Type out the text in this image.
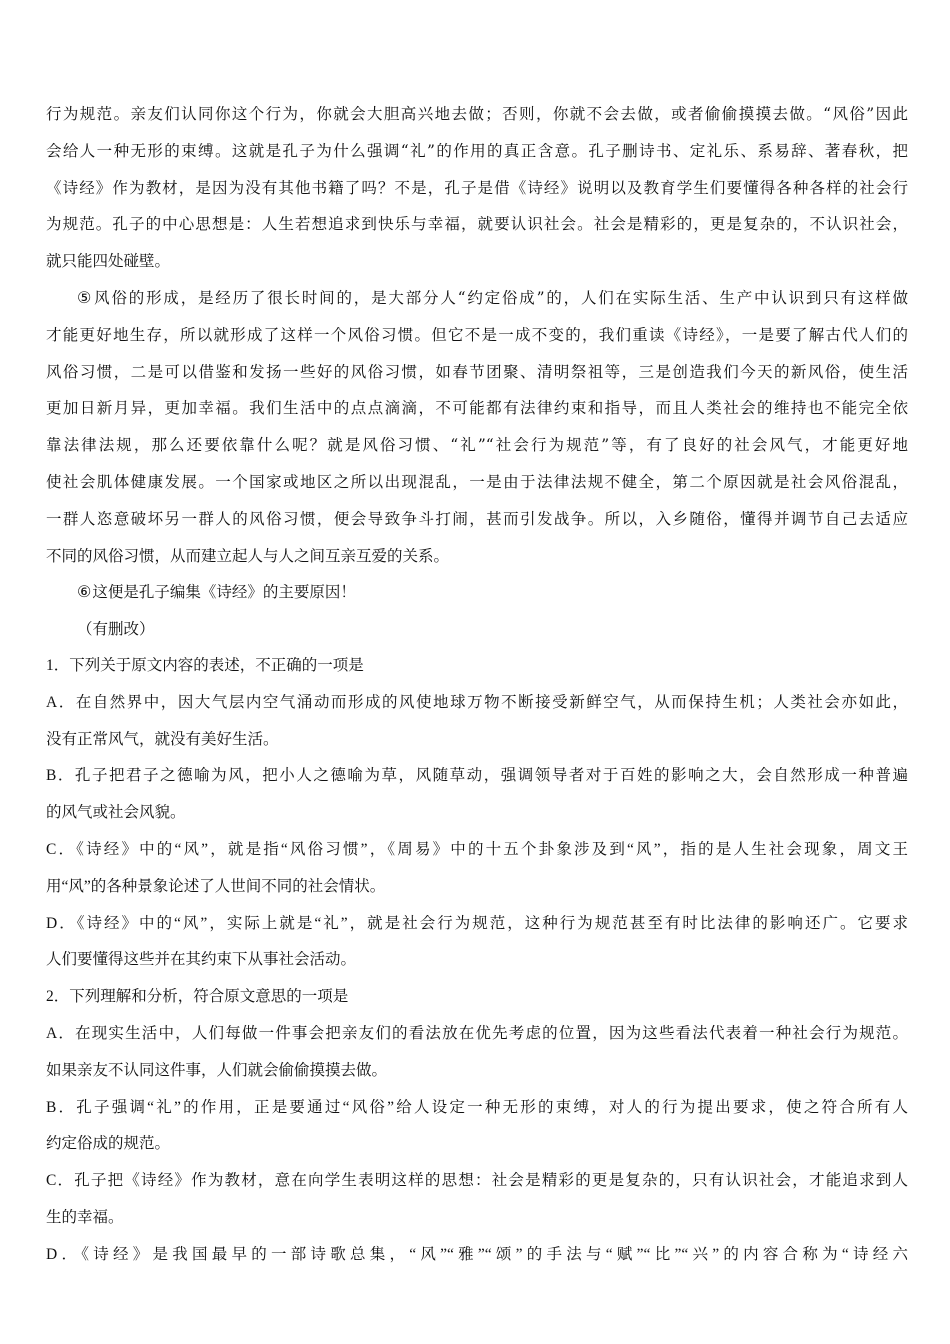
行为规范。亲友们认同你这个行为，你就会大胆高兴地去做；否则，你就不会去做，或者偷偷摸摸去做。“风俗”因此
会给人一种无形的束缚。这就是孔子为什么强调“礼”的作用的真正含意。孔子删诗书、定礼乐、系易辞、著春秋，把
《诗经》作为教材，是因为没有其他书籍了吗？不是，孔子是借《诗经》说明以及教育学生们要懂得各种各样的社会行
为规范。孔子的中心思想是：人生若想追求到快乐与幸福，就要认识社会。社会是精彩的，更是复杂的，不认识社会，
就只能四处碰壁。
⑤风俗的形成，是经历了很长时间的，是大部分人“约定俗成”的，人们在实际生活、生产中认识到只有这样做
才能更好地生存，所以就形成了这样一个风俗习惯。但它不是一成不变的，我们重读《诗经》，一是要了解古代人们的
风俗习惯，二是可以借鉴和发扬一些好的风俗习惯，如春节团聚、清明祭祖等，三是创造我们今天的新风俗，使生活
更加日新月异，更加幸福。我们生活中的点点滴滴，不可能都有法律约束和指导，而且人类社会的维持也不能完全依
靠法律法规，那么还要依靠什么呢？就是风俗习惯、“礼”“社会行为规范”等，有了良好的社会风气，才能更好地
使社会肌体健康发展。一个国家或地区之所以出现混乱，一是由于法律法规不健全，第二个原因就是社会风俗混乱，
一群人恣意破坏另一群人的风俗习惯，便会导致争斗打闹，甚而引发战争。所以，入乡随俗，懂得并调节自己去适应
不同的风俗习惯，从而建立起人与人之间互亲互爱的关系。
⑥这便是孔子编集《诗经》的主要原因！
（有删改）
1．下列关于原文内容的表述，不正确的一项是
A．在自然界中，因大气层内空气涌动而形成的风使地球万物不断接受新鲜空气，从而保持生机；人类社会亦如此，
没有正常风气，就没有美好生活。
B．孔子把君子之德喻为风，把小人之德喻为草，风随草动，强调领导者对于百姓的影响之大，会自然形成一种普遍
的风气或社会风貌。
C．《诗经》中的“风”，就是指“风俗习惯”，《周易》中的十五个卦象涉及到“风”，指的是人生社会现象，周文王
用“风”的各种景象论述了人世间不同的社会情状。
D．《诗经》中的“风”，实际上就是“礼”，就是社会行为规范，这种行为规范甚至有时比法律的影响还广。它要求
人们要懂得这些并在其约束下从事社会活动。
2．下列理解和分析，符合原文意思的一项是
A．在现实生活中，人们每做一件事会把亲友们的看法放在优先考虑的位置，因为这些看法代表着一种社会行为规范。
如果亲友不认同这件事，人们就会偷偷摸摸去做。
B．孔子强调“礼”的作用，正是要通过“风俗”给人设定一种无形的束缚，对人的行为提出要求，使之符合所有人
约定俗成的规范。
C．孔子把《诗经》作为教材，意在向学生表明这样的思想：社会是精彩的更是复杂的，只有认识社会，才能追求到人
生的幸福。
D．《诗经》是我国最早的一部诗歌总集，“风”“雅”“颂”的手法与“赋”“比”“兴”的内容合称为“诗经六
